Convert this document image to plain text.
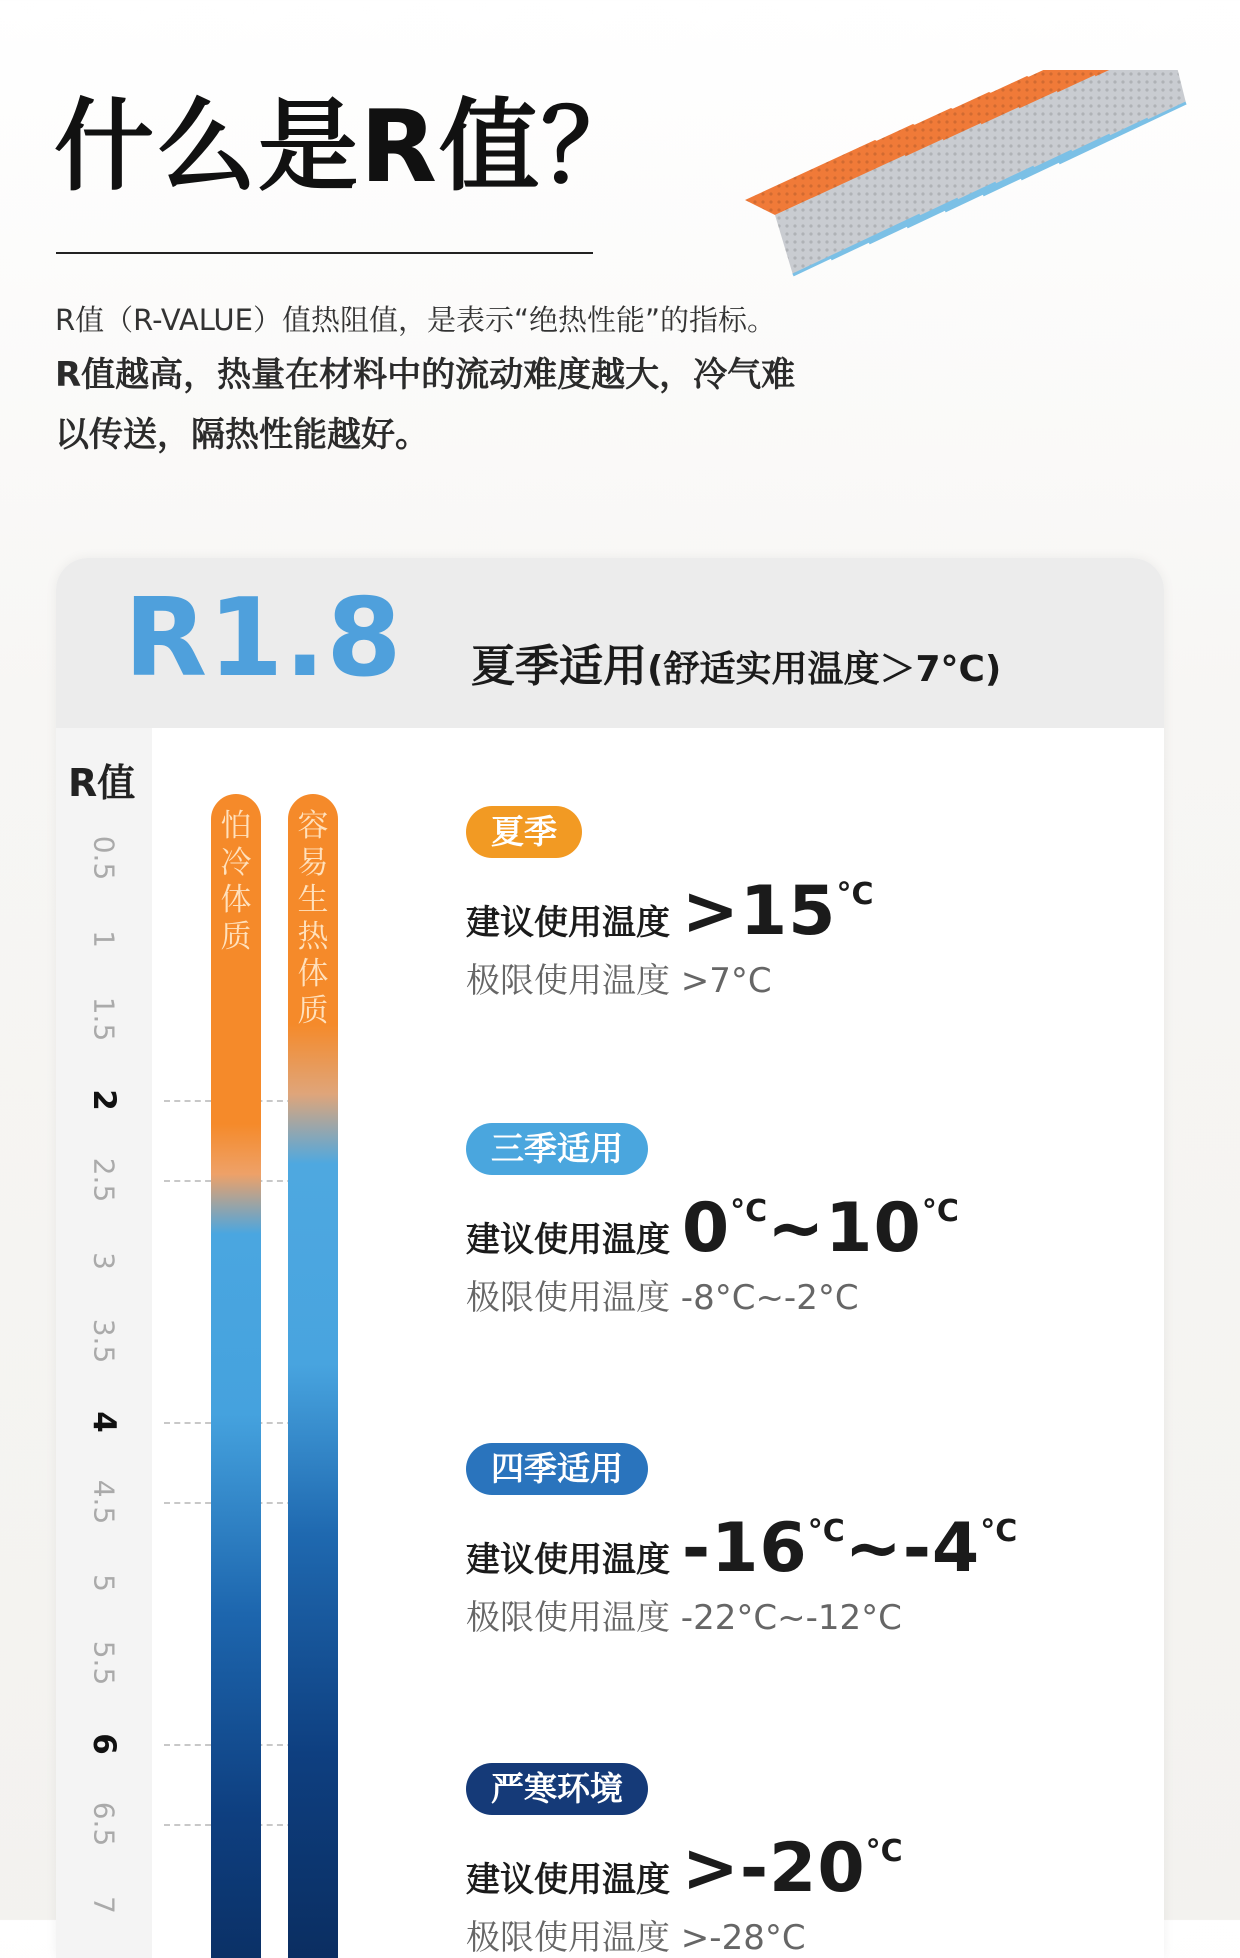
什么是R值？

R值（R-VALUE）值热阻值，是表示“绝热性能”的指标。

R值越高，热量在材料中的流动难度越大，冷气难

以传送，隔热性能越好。

R1.8 夏季适用(舒适实用温度＞7°C)
R值
0.5
1
1.5
2
2.5
3
3.5
4
4.5
5
5.5
6
6.5
7
怕
冷
体
质
容
易
生
热
体
质
夏季
建议使用温度 >15°C
极限使用温度 >7°C
三季适用
建议使用温度 0°C~10°C
极限使用温度 -8°C~-2°C
四季适用
建议使用温度 -16°C~-4°C
极限使用温度 -22°C~-12°C
严寒环境
建议使用温度 >-20°C
极限使用温度 >-28°C
